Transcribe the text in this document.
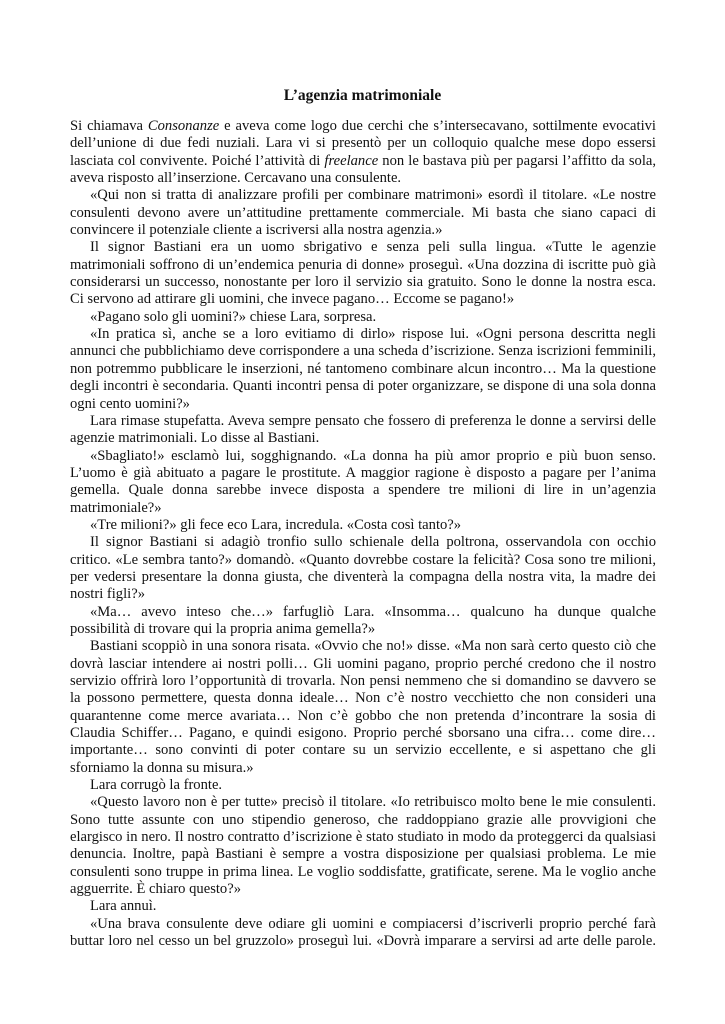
L’agenzia matrimoniale

Si chiamava Consonanze e aveva come logo due cerchi che s’intersecavano, sottilmente evocativi dell’unione di due fedi nuziali. Lara vi si presentò per un colloquio qualche mese dopo essersi lasciata col convivente. Poiché l’attività di freelance non le bastava più per pagarsi l’affitto da sola, aveva risposto all’inserzione. Cercavano una consulente.

«Qui non si tratta di analizzare profili per combinare matrimoni» esordì il titolare. «Le nostre consulenti devono avere un’attitudine prettamente commerciale. Mi basta che siano capaci di convincere il potenziale cliente a iscriversi alla nostra agenzia.»

Il signor Bastiani era un uomo sbrigativo e senza peli sulla lingua. «Tutte le agenzie matrimoniali soffrono di un’endemica penuria di donne» proseguì. «Una dozzina di iscritte può già considerarsi un successo, nonostante per loro il servizio sia gratuito. Sono le donne la nostra esca. Ci servono ad attirare gli uomini, che invece pagano… Eccome se pagano!»

«Pagano solo gli uomini?» chiese Lara, sorpresa.

«In pratica sì, anche se a loro evitiamo di dirlo» rispose lui. «Ogni persona descritta negli annunci che pubblichiamo deve corrispondere a una scheda d’iscrizione. Senza iscrizioni femminili, non potremmo pubblicare le inserzioni, né tantomeno combinare alcun incontro… Ma la questione degli incontri è secondaria. Quanti incontri pensa di poter organizzare, se dispone di una sola donna ogni cento uomini?»

Lara rimase stupefatta. Aveva sempre pensato che fossero di preferenza le donne a servirsi delle agenzie matrimoniali. Lo disse al Bastiani.

«Sbagliato!» esclamò lui, sogghignando. «La donna ha più amor proprio e più buon senso. L’uomo è già abituato a pagare le prostitute. A maggior ragione è disposto a pagare per l’anima gemella. Quale donna sarebbe invece disposta a spendere tre milioni di lire in un’agenzia matrimoniale?»

«Tre milioni?» gli fece eco Lara, incredula. «Costa così tanto?»

Il signor Bastiani si adagiò tronfio sullo schienale della poltrona, osservandola con occhio critico. «Le sembra tanto?» domandò. «Quanto dovrebbe costare la felicità? Cosa sono tre milioni, per vedersi presentare la donna giusta, che diventerà la compagna della nostra vita, la madre dei nostri figli?»

«Ma… avevo inteso che…» farfugliò Lara. «Insomma… qualcuno ha dunque qualche possibilità di trovare qui la propria anima gemella?»

Bastiani scoppiò in una sonora risata. «Ovvio che no!» disse. «Ma non sarà certo questo ciò che dovrà lasciar intendere ai nostri polli… Gli uomini pagano, proprio perché credono che il nostro servizio offrirà loro l’opportunità di trovarla. Non pensi nemmeno che si domandino se davvero se la possono permettere, questa donna ideale… Non c’è nostro vecchietto che non consideri una quarantenne come merce avariata… Non c’è gobbo che non pretenda d’incontrare la sosia di Claudia Schiffer… Pagano, e quindi esigono. Proprio perché sborsano una cifra… come dire… importante… sono convinti di poter contare su un servizio eccellente, e si aspettano che gli sforniamo la donna su misura.»

Lara corrugò la fronte.

«Questo lavoro non è per tutte» precisò il titolare. «Io retribuisco molto bene le mie consulenti. Sono tutte assunte con uno stipendio generoso, che raddoppiano grazie alle provvigioni che elargisco in nero. Il nostro contratto d’iscrizione è stato studiato in modo da proteggerci da qualsiasi denuncia. Inoltre, papà Bastiani è sempre a vostra disposizione per qualsiasi problema. Le mie consulenti sono truppe in prima linea. Le voglio soddisfatte, gratificate, serene. Ma le voglio anche agguerrite. È chiaro questo?»

Lara annuì.

«Una brava consulente deve odiare gli uomini e compiacersi d’iscriverli proprio perché farà buttar loro nel cesso un bel gruzzolo» proseguì lui. «Dovrà imparare a servirsi ad arte delle parole.
